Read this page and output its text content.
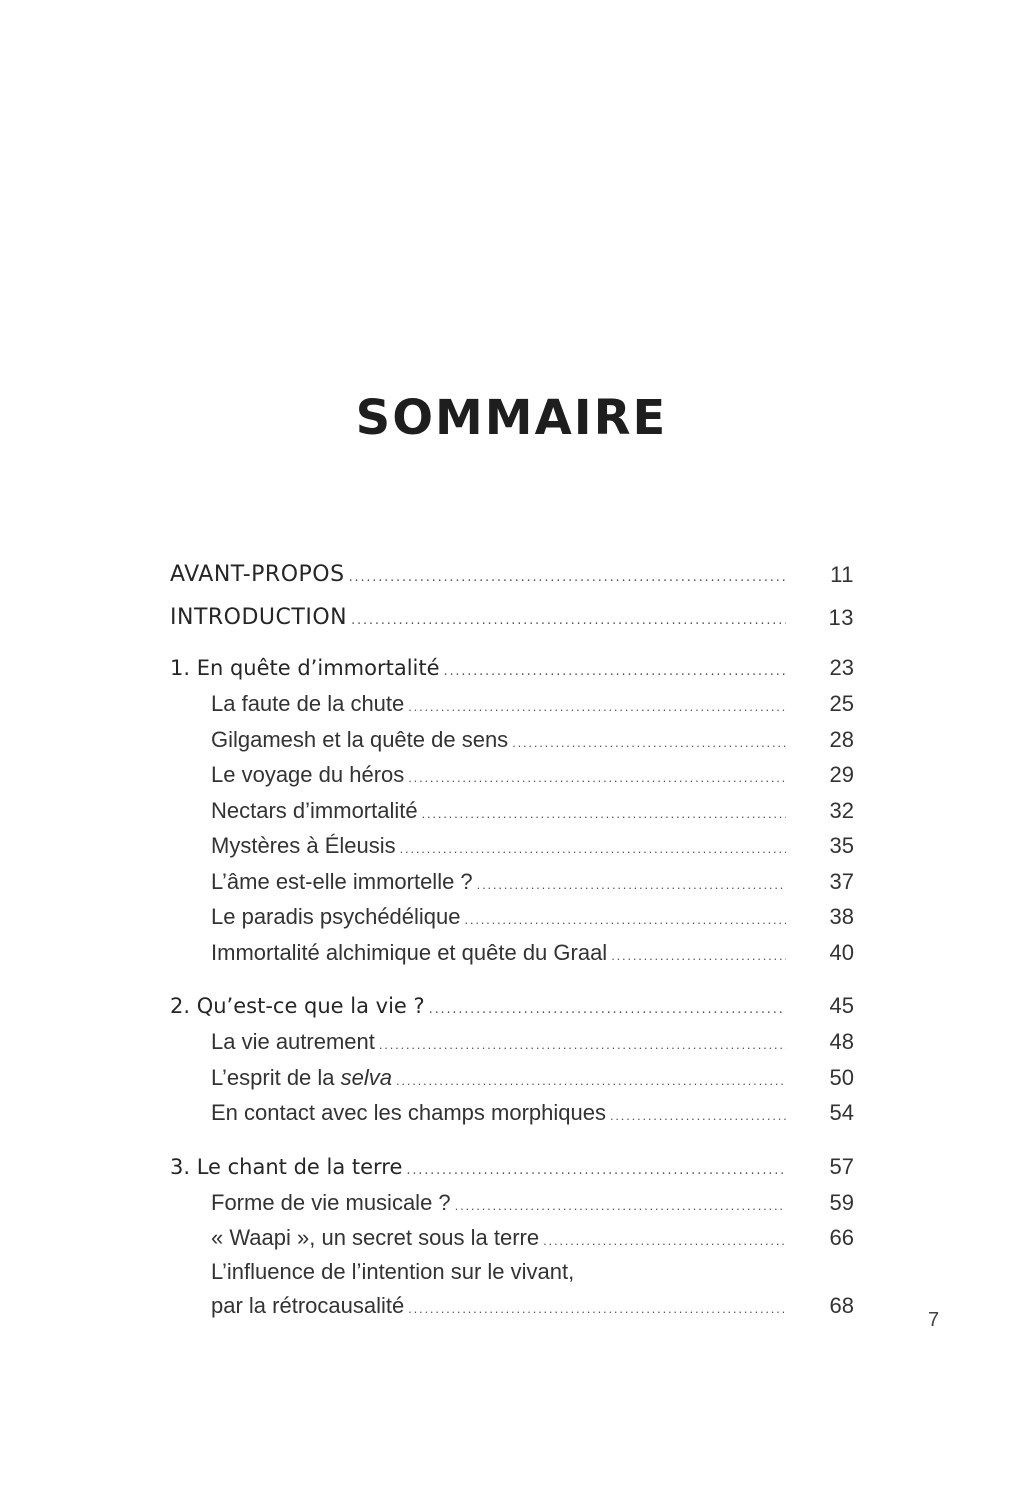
SOMMAIRE
AVANT-PROPOS .....	11
INTRODUCTION .....	13
1. En quête d’immortalité .....	23
La faute de la chute .....	25
Gilgamesh et la quête de sens .....	28
Le voyage du héros .....	29
Nectars d’immortalité .....	32
Mystères à Éleusis .....	35
L’âme est-elle immortelle ? .....	37
Le paradis psychédélique .....	38
Immortalité alchimique et quête du Graal .....	40
2. Qu’est-ce que la vie ? .....	45
La vie autrement .....	48
L’esprit de la selva .....	50
En contact avec les champs morphiques .....	54
3. Le chant de la terre .....	57
Forme de vie musicale ? .....	59
« Waapi », un secret sous la terre .....	66
L’influence de l’intention sur le vivant,
par la rétrocausalité .....	68
7
